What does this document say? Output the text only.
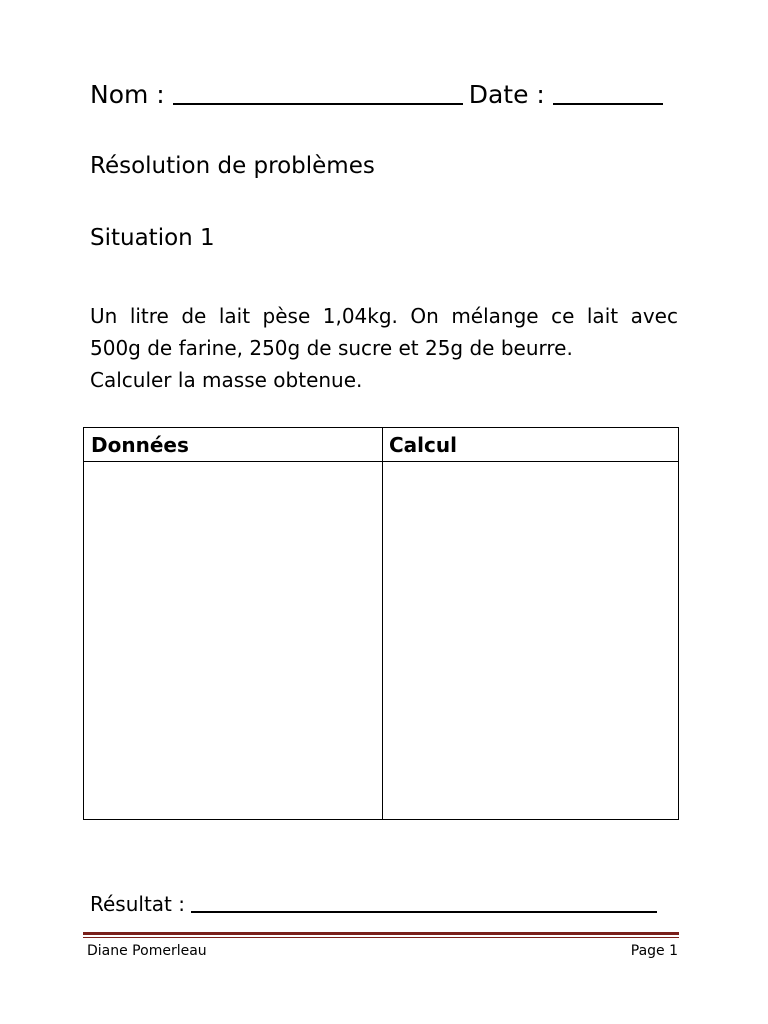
Nom :	Date :
Résolution de problèmes
Situation 1
Un litre de lait pèse 1,04kg. On mélange ce lait avec
500g de farine, 250g de sucre et 25g de beurre.
Calculer la masse obtenue.
Données	Calcul
Résultat :
Diane Pomerleau	Page 1
